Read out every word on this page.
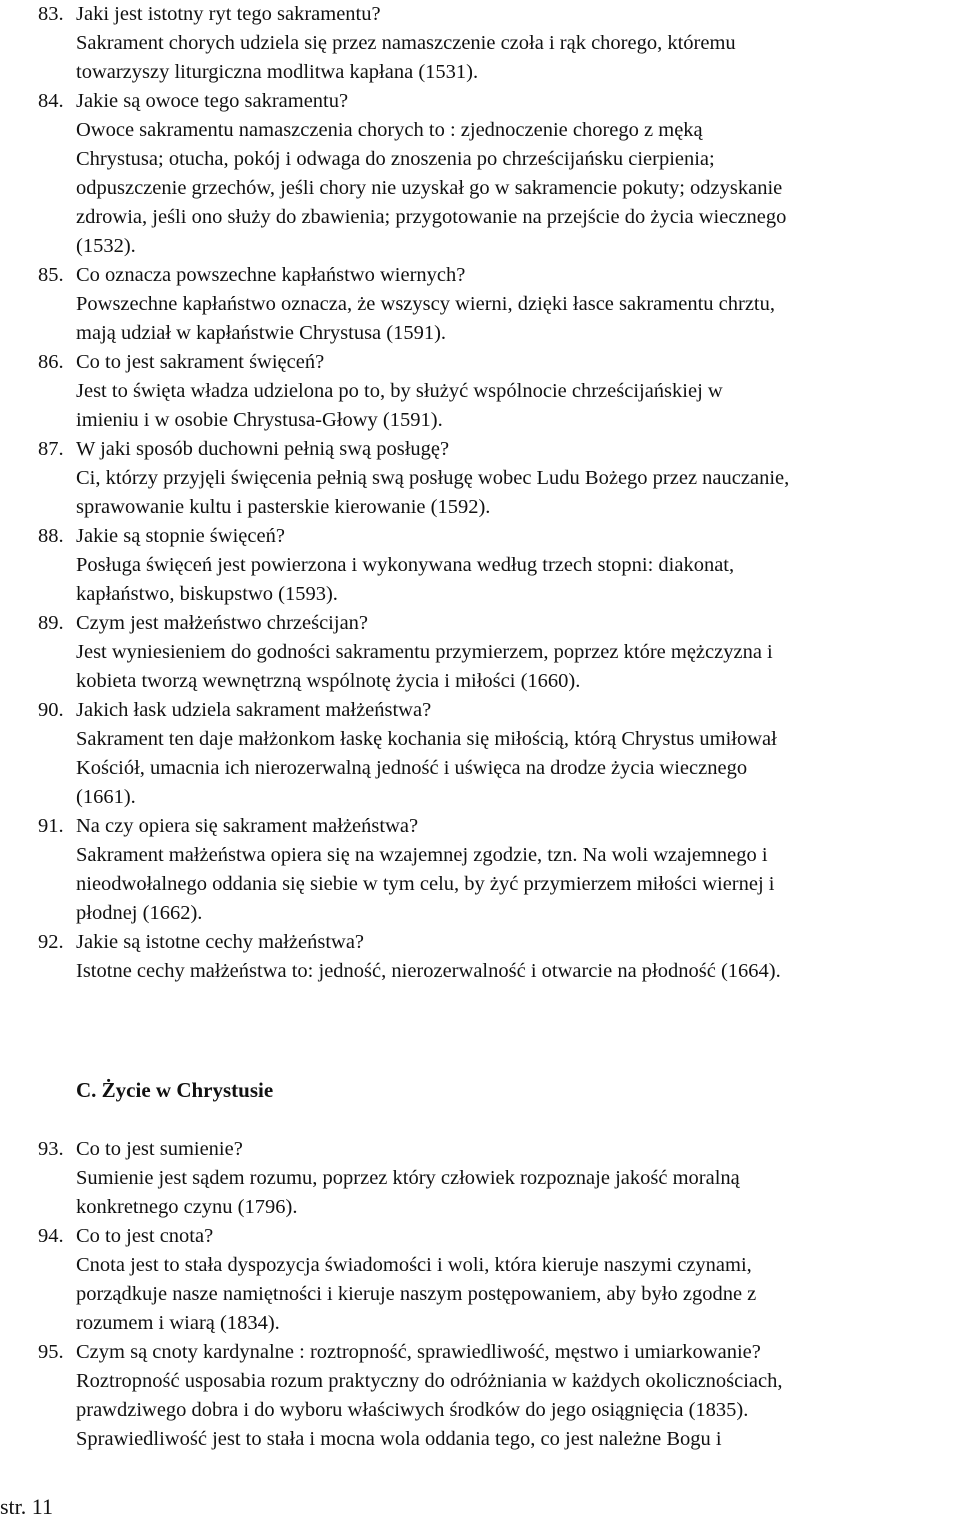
83. Jaki jest istotny ryt tego sakramentu?
Sakrament chorych udziela się przez namaszczenie czoła i rąk chorego, któremu
towarzyszy liturgiczna modlitwa kapłana (1531).
84. Jakie są owoce tego sakramentu?
Owoce sakramentu namaszczenia chorych to : zjednoczenie chorego z męką
Chrystusa; otucha, pokój i odwaga do znoszenia po chrześcijańsku cierpienia;
odpuszczenie grzechów, jeśli chory nie uzyskał go w sakramencie pokuty; odzyskanie
zdrowia, jeśli ono służy do zbawienia; przygotowanie na przejście do życia wiecznego
(1532).
85. Co oznacza powszechne kapłaństwo wiernych?
Powszechne kapłaństwo oznacza, że wszyscy wierni, dzięki łasce sakramentu chrztu,
mają udział w kapłaństwie Chrystusa (1591).
86. Co to jest sakrament święceń?
Jest to święta władza udzielona po to, by służyć wspólnocie chrześcijańskiej w
imieniu i w osobie Chrystusa-Głowy (1591).
87. W jaki sposób duchowni pełnią swą posługę?
Ci, którzy przyjęli święcenia pełnią swą posługę wobec Ludu Bożego przez nauczanie,
sprawowanie kultu i pasterskie kierowanie (1592).
88. Jakie są stopnie święceń?
Posługa święceń jest powierzona i wykonywana według trzech stopni: diakonat,
kapłaństwo, biskupstwo (1593).
89. Czym jest małżeństwo chrześcijan?
Jest wyniesieniem do godności sakramentu przymierzem, poprzez które mężczyzna i
kobieta tworzą wewnętrzną wspólnotę życia i miłości (1660).
90. Jakich łask udziela sakrament małżeństwa?
Sakrament ten daje małżonkom łaskę kochania się miłością, którą Chrystus umiłował
Kościół, umacnia ich nierozerwalną jedność i uświęca na drodze życia wiecznego
(1661).
91. Na czy opiera się sakrament małżeństwa?
Sakrament małżeństwa opiera się na wzajemnej zgodzie, tzn. Na woli wzajemnego i
nieodwołalnego oddania się siebie w tym celu, by żyć przymierzem miłości wiernej i
płodnej (1662).
92. Jakie są istotne cechy małżeństwa?
Istotne cechy małżeństwa to: jedność, nierozerwalność i otwarcie na płodność (1664).
C. Życie w Chrystusie
93. Co to jest sumienie?
Sumienie jest sądem rozumu, poprzez który człowiek rozpoznaje jakość moralną
konkretnego czynu (1796).
94. Co to jest cnota?
Cnota jest to stała dyspozycja świadomości i woli, która kieruje naszymi czynami,
porządkuje nasze namiętności i kieruje naszym postępowaniem, aby było zgodne z
rozumem i wiarą (1834).
95. Czym są cnoty kardynalne : roztropność, sprawiedliwość, męstwo i umiarkowanie?
Roztropność usposabia rozum praktyczny do odróżniania w każdych okolicznościach,
prawdziwego dobra i do wyboru właściwych środków do jego osiągnięcia (1835).
Sprawiedliwość jest to stała i mocna wola oddania tego, co jest należne Bogu i
str. 11
